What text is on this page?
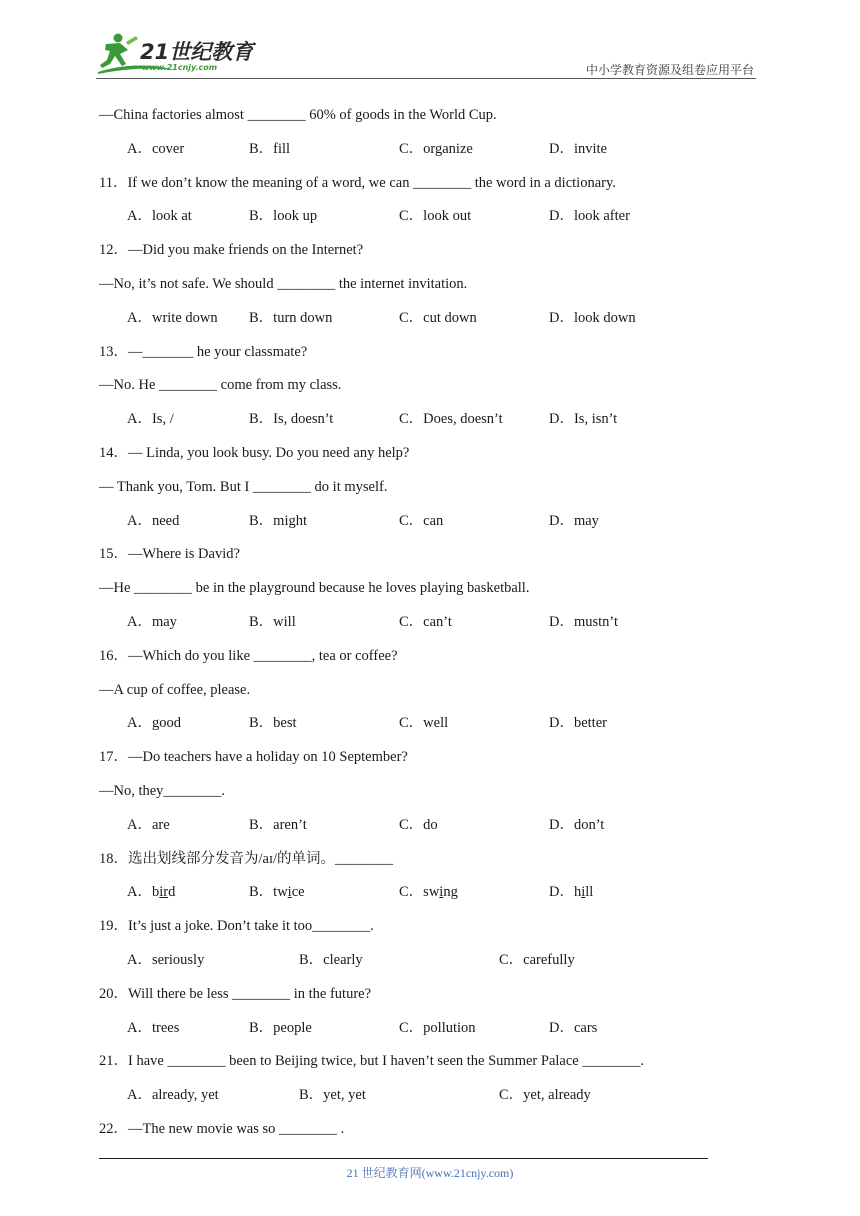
21世纪教育
www.21cnjy.com	中小学教育资源及组卷应用平台
—China factories almost ________ 60% of goods in the World Cup.
A．cover	B．fill	C．organize	D．invite
11．If we don’t know the meaning of a word, we can ________ the word in a dictionary.
A．look at	B．look up	C．look out	D．look after
12．—Did you make friends on the Internet?
—No, it’s not safe. We should ________ the internet invitation.
A．write down B．turn down	C．cut down	D．look down
13．—_______ he your classmate?
—No. He ________ come from my class.
A．Is, /	B．Is, doesn’t	C．Does, doesn’t	D．Is, isn’t
14．— Linda, you look busy. Do you need any help?
— Thank you, Tom. But I ________ do it myself.
A．need	B．might	C．can	D．may
15．—Where is David?
—He ________ be in the playground because he loves playing basketball.
A．may	B．will	C．can’t	D．mustn’t
16．—Which do you like ________, tea or coffee?
—A cup of coffee, please.
A．good	B．best	C．well	D．better
17．—Do teachers have a holiday on 10 September?
—No, they________.
A．are	B．aren’t	C．do	D．don’t
18．选出划线部分发音为/aɪ/的单词。________
A．bird	B．twice	C．swing	D．hill
19．It’s just a joke. Don’t take it too________.
A．seriously	B．clearly	C．carefully
20．Will there be less ________ in the future?
A．trees	B．people	C．pollution	D．cars
21．I have ________ been to Beijing twice, but I haven’t seen the Summer Palace ________.
A．already, yet	B．yet, yet	C．yet, already
22．—The new movie was so ________ .
21 世纪教育网(www.21cnjy.com)
